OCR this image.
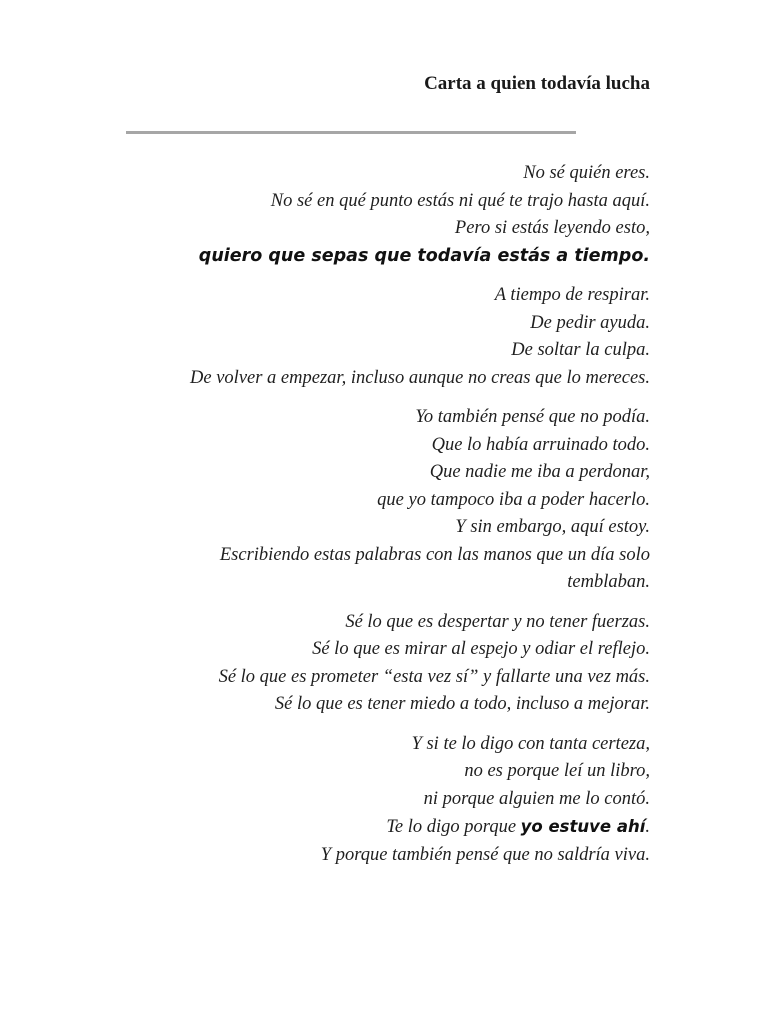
Carta a quien todavía lucha
No sé quién eres.
No sé en qué punto estás ni qué te trajo hasta aquí.
Pero si estás leyendo esto,
quiero que sepas que todavía estás a tiempo.
A tiempo de respirar.
De pedir ayuda.
De soltar la culpa.
De volver a empezar, incluso aunque no creas que lo mereces.
Yo también pensé que no podía.
Que lo había arruinado todo.
Que nadie me iba a perdonar,
que yo tampoco iba a poder hacerlo.
Y sin embargo, aquí estoy.
Escribiendo estas palabras con las manos que un día solo temblaban.
Sé lo que es despertar y no tener fuerzas.
Sé lo que es mirar al espejo y odiar el reflejo.
Sé lo que es prometer “esta vez sí” y fallarte una vez más.
Sé lo que es tener miedo a todo, incluso a mejorar.
Y si te lo digo con tanta certeza,
no es porque leí un libro,
ni porque alguien me lo contó.
Te lo digo porque yo estuve ahí.
Y porque también pensé que no saldría viva.
